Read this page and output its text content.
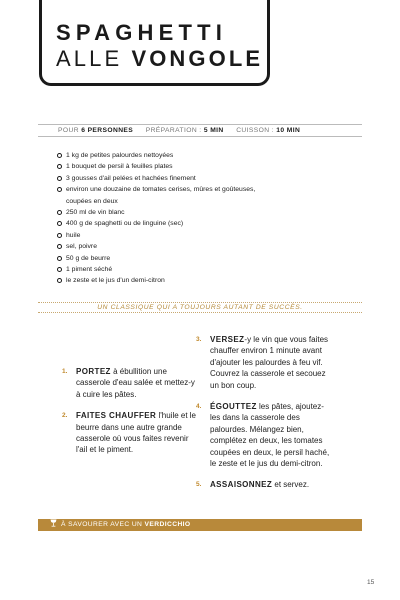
SPAGHETTI
ALLE VONGOLE
POUR 6 PERSONNES PRÉPARATION : 5 MIN CUISSON : 10 MIN
1 kg de petites palourdes nettoyées
1 bouquet de persil à feuilles plates
3 gousses d'ail pelées et hachées finement
environ une douzaine de tomates cerises, mûres et goûteuses, coupées en deux
250 ml de vin blanc
400 g de spaghetti ou de linguine (sec)
huile
sel, poivre
50 g de beurre
1 piment séché
le zeste et le jus d'un demi-citron
UN CLASSIQUE QUI A TOUJOURS AUTANT DE SUCCÈS.
1. PORTEZ à ébullition une casserole d'eau salée et mettez-y à cuire les pâtes.
2. FAITES CHAUFFER l'huile et le beurre dans une autre grande casserole où vous faites revenir l'ail et le piment.
3. VERSEZ-y le vin que vous faites chauffer environ 1 minute avant d'ajouter les palourdes à feu vif. Couvrez la casserole et secouez un bon coup.
4. ÉGOUTTEZ les pâtes, ajoutez-les dans la casserole des palourdes. Mélangez bien, complétez en deux, les tomates coupées en deux, le persil haché, le zeste et le jus du demi-citron.
5. ASSAISONNEZ et servez.
À SAVOURER AVEC UN VERDICCHIO
15
